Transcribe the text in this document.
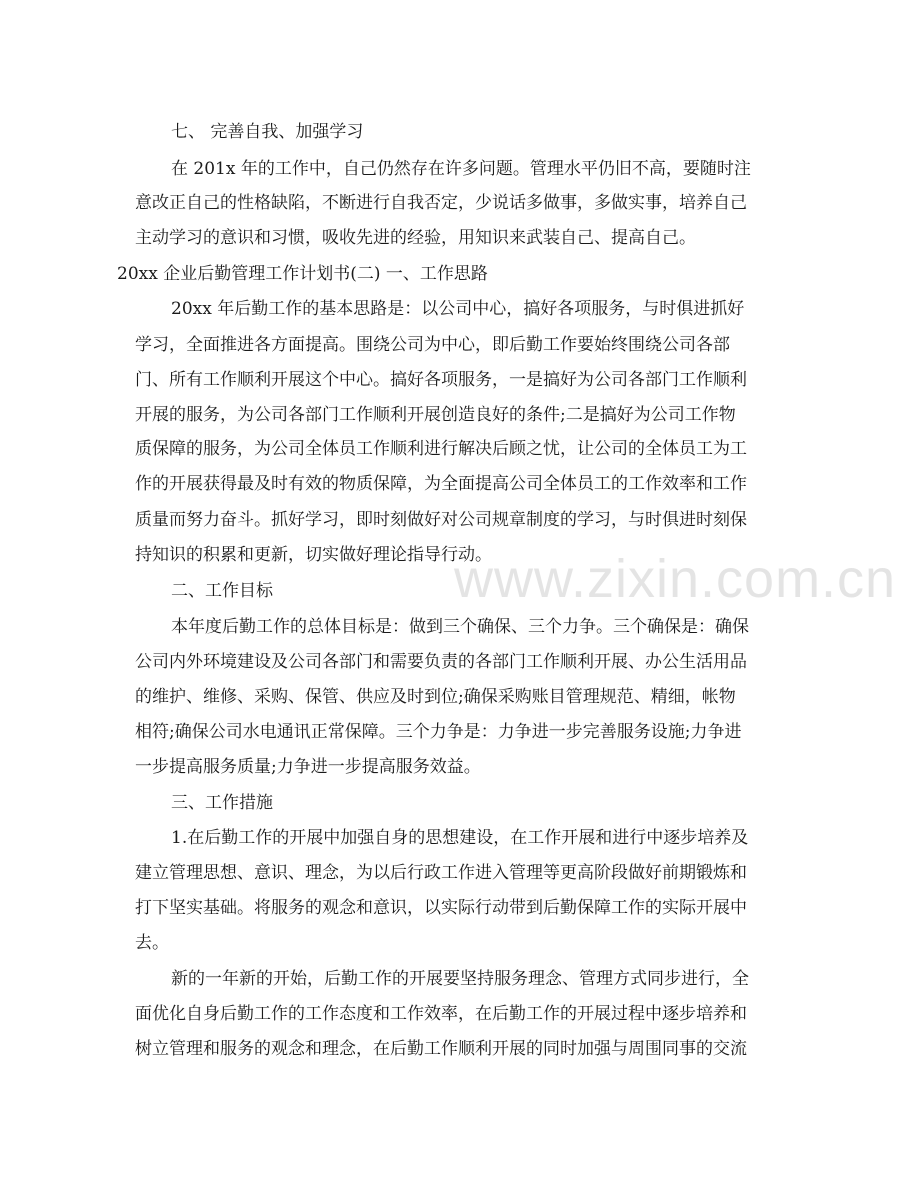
www.zixin.com.cn
七、 完善自我、加强学习
在 201x 年的工作中，自己仍然存在许多问题。管理水平仍旧不高，要随时注
意改正自己的性格缺陷，不断进行自我否定，少说话多做事，多做实事，培养自己
主动学习的意识和习惯，吸收先进的经验，用知识来武装自己、提高自己。
20xx 企业后勤管理工作计划书(二) 一、工作思路
20xx 年后勤工作的基本思路是：以公司中心，搞好各项服务，与时俱进抓好
学习，全面推进各方面提高。围绕公司为中心，即后勤工作要始终围绕公司各部
门、所有工作顺利开展这个中心。搞好各项服务，一是搞好为公司各部门工作顺利
开展的服务，为公司各部门工作顺利开展创造良好的条件;二是搞好为公司工作物
质保障的服务，为公司全体员工作顺利进行解决后顾之忧，让公司的全体员工为工
作的开展获得最及时有效的物质保障，为全面提高公司全体员工的工作效率和工作
质量而努力奋斗。抓好学习，即时刻做好对公司规章制度的学习，与时俱进时刻保
持知识的积累和更新，切实做好理论指导行动。
二、工作目标
本年度后勤工作的总体目标是：做到三个确保、三个力争。三个确保是：确保
公司内外环境建设及公司各部门和需要负责的各部门工作顺利开展、办公生活用品
的维护、维修、采购、保管、供应及时到位;确保采购账目管理规范、精细，帐物
相符;确保公司水电通讯正常保障。三个力争是：力争进一步完善服务设施;力争进
一步提高服务质量;力争进一步提高服务效益。
三、工作措施
1.在后勤工作的开展中加强自身的思想建设，在工作开展和进行中逐步培养及
建立管理思想、意识、理念，为以后行政工作进入管理等更高阶段做好前期锻炼和
打下坚实基础。将服务的观念和意识，以实际行动带到后勤保障工作的实际开展中
去。
新的一年新的开始，后勤工作的开展要坚持服务理念、管理方式同步进行，全
面优化自身后勤工作的工作态度和工作效率，在后勤工作的开展过程中逐步培养和
树立管理和服务的观念和理念，在后勤工作顺利开展的同时加强与周围同事的交流
